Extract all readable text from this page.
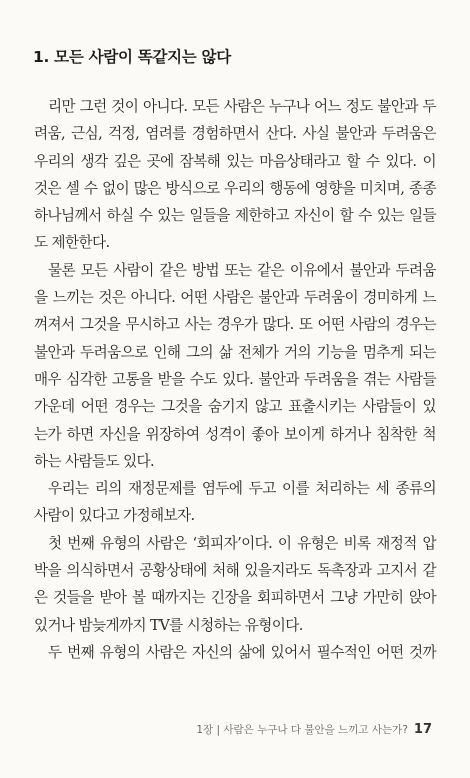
1. 모든 사람이 똑같지는 않다
리만 그런 것이 아니다. 모든 사람은 누구나 어느 정도 불안과 두
려움, 근심, 걱정, 염려를 경험하면서 산다. 사실 불안과 두려움은
우리의 생각 깊은 곳에 잠복해 있는 마음상태라고 할 수 있다. 이
것은 셀 수 없이 많은 방식으로 우리의 행동에 영향을 미치며, 종종
하나님께서 하실 수 있는 일들을 제한하고 자신이 할 수 있는 일들
도 제한한다.
물론 모든 사람이 같은 방법 또는 같은 이유에서 불안과 두려움
을 느끼는 것은 아니다. 어떤 사람은 불안과 두려움이 경미하게 느
껴져서 그것을 무시하고 사는 경우가 많다. 또 어떤 사람의 경우는
불안과 두려움으로 인해 그의 삶 전체가 거의 기능을 멈추게 되는
매우 심각한 고통을 받을 수도 있다. 불안과 두려움을 겪는 사람들
가운데 어떤 경우는 그것을 숨기지 않고 표출시키는 사람들이 있
는가 하면 자신을 위장하여 성격이 좋아 보이게 하거나 침착한 척
하는 사람들도 있다.
우리는 리의 재정문제를 염두에 두고 이를 처리하는 세 종류의
사람이 있다고 가정해보자.
첫 번째 유형의 사람은 ‘회피자’이다. 이 유형은 비록 재정적 압
박을 의식하면서 공황상태에 처해 있을지라도 독촉장과 고지서 같
은 것들을 받아 볼 때까지는 긴장을 회피하면서 그냥 가만히 앉아
있거나 밤늦게까지 TV를 시청하는 유형이다.
두 번째 유형의 사람은 자신의 삶에 있어서 필수적인 어떤 것까
1장 | 사람은 누구나 다 불안을 느끼고 사는가? 17
